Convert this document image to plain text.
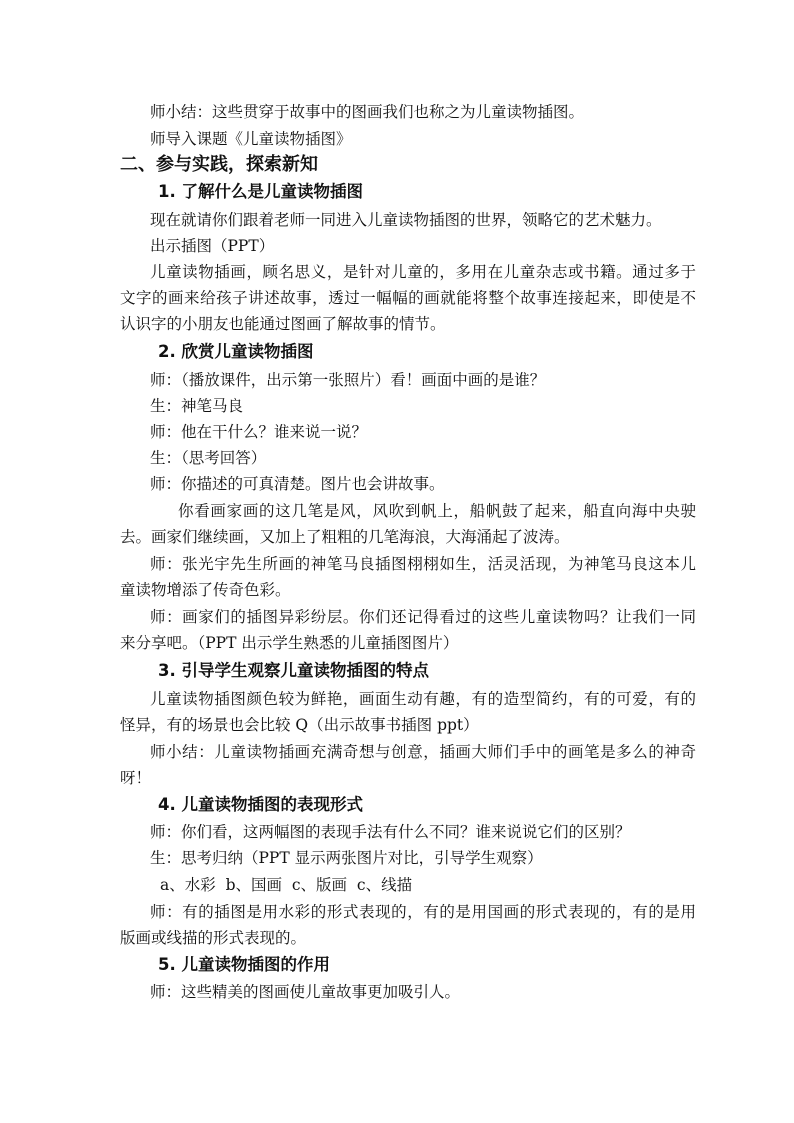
师小结：这些贯穿于故事中的图画我们也称之为儿童读物插图。
师导入课题《儿童读物插图》
二、参与实践，探索新知
1. 了解什么是儿童读物插图
现在就请你们跟着老师一同进入儿童读物插图的世界，领略它的艺术魅力。
出示插图（PPT）
儿童读物插画，顾名思义，是针对儿童的，多用在儿童杂志或书籍。通过多于
文字的画来给孩子讲述故事，透过一幅幅的画就能将整个故事连接起来，即使是不
认识字的小朋友也能通过图画了解故事的情节。
2. 欣赏儿童读物插图
师：（播放课件，出示第一张照片）看！画面中画的是谁？
生：神笔马良
师：他在干什么？谁来说一说？
生：（思考回答）
师：你描述的可真清楚。图片也会讲故事。
你看画家画的这几笔是风，风吹到帆上，船帆鼓了起来，船直向海中央驶
去。画家们继续画，又加上了粗粗的几笔海浪，大海涌起了波涛。
师：张光宇先生所画的神笔马良插图栩栩如生，活灵活现，为神笔马良这本儿
童读物增添了传奇色彩。
师：画家们的插图异彩纷层。你们还记得看过的这些儿童读物吗？让我们一同
来分享吧。（PPT 出示学生熟悉的儿童插图图片）
3. 引导学生观察儿童读物插图的特点
儿童读物插图颜色较为鲜艳，画面生动有趣，有的造型简约，有的可爱，有的
怪异，有的场景也会比较 Q（出示故事书插图 ppt）
师小结：儿童读物插画充满奇想与创意，插画大师们手中的画笔是多么的神奇
呀！
4. 儿童读物插图的表现形式
师：你们看，这两幅图的表现手法有什么不同？谁来说说它们的区别？
生：思考归纳（PPT 显示两张图片对比，引导学生观察）
a、水彩  b、国画  c、版画  c、线描
师：有的插图是用水彩的形式表现的，有的是用国画的形式表现的，有的是用
版画或线描的形式表现的。
5. 儿童读物插图的作用
师：这些精美的图画使儿童故事更加吸引人。
